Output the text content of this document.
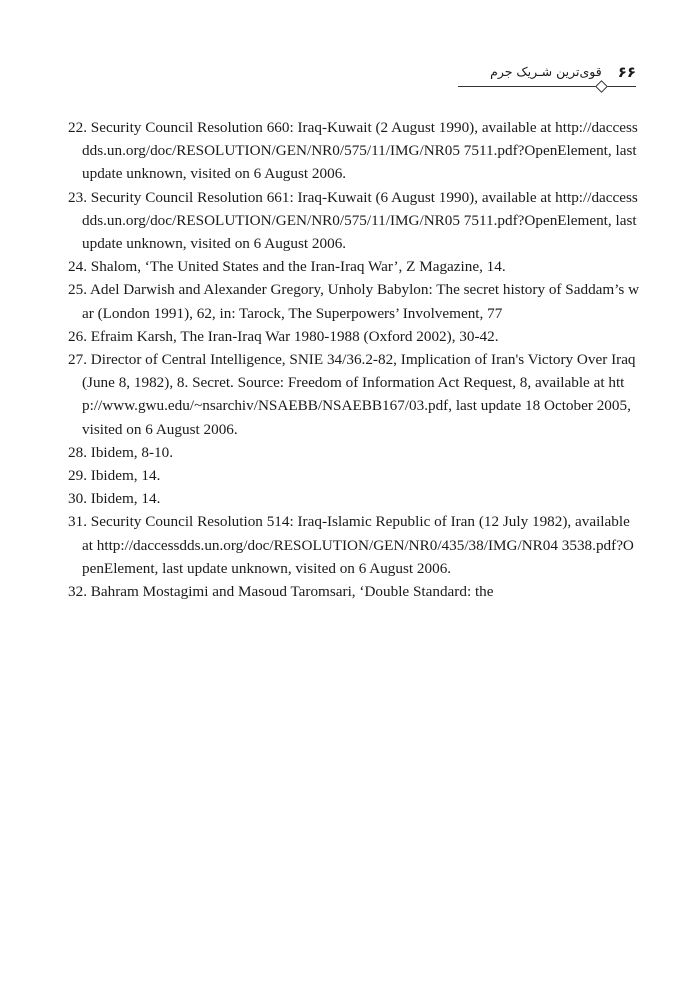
۶۶
قوی‌ترین شـریک جرم
22. Security Council Resolution 660: Iraq-Kuwait (2 August 1990), available at http://daccessdds.un.org/doc/RESOLUTION/GEN/NR0/575/11/IMG/NR05 7511.pdf?OpenElement, last update unknown, visited on 6 August 2006.
23. Security Council Resolution 661: Iraq-Kuwait (6 August 1990), available at http://daccessdds.un.org/doc/RESOLUTION/GEN/NR0/575/11/IMG/NR05 7511.pdf?OpenElement, last update unknown, visited on 6 August 2006.
24. Shalom, ‘The United States and the Iran-Iraq War’, Z Magazine, 14.
25. Adel Darwish and Alexander Gregory, Unholy Babylon: The secret history of Saddam’s war (London 1991), 62, in: Tarock, The Superpowers’ Involvement, 77
26. Efraim Karsh, The Iran-Iraq War 1980-1988 (Oxford 2002), 30-42.
27. Director of Central Intelligence, SNIE 34/36.2-82, Implication of Iran's Victory Over Iraq (June 8, 1982), 8. Secret. Source: Freedom of Information Act Request, 8, available at http://www.gwu.edu/~nsarchiv/NSAEBB/NSAEBB167/03.pdf, last update 18 October 2005, visited on 6 August 2006.
28. Ibidem, 8-10.
29. Ibidem, 14.
30. Ibidem, 14.
31. Security Council Resolution 514: Iraq-Islamic Republic of Iran (12 July 1982), available at http://daccessdds.un.org/doc/RESOLUTION/GEN/NR0/435/38/IMG/NR04 3538.pdf?OpenElement, last update unknown, visited on 6 August 2006.
32. Bahram Mostagimi and Masoud Taromsari, ‘Double Standard: the
